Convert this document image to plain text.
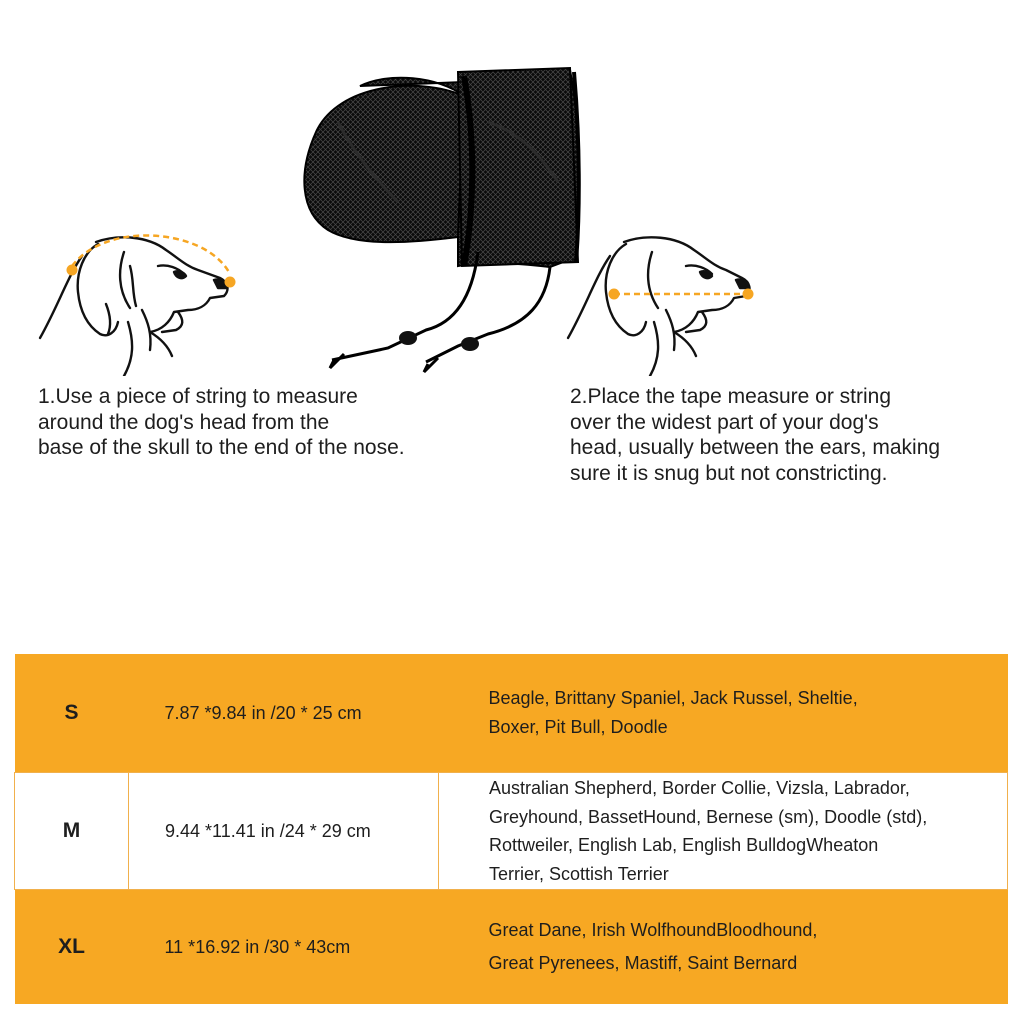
1.Use a piece of string to measure
around the dog's head from the
base of the skull to the end of the nose.

2.Place the tape measure or string
over the widest part of your dog's
head, usually between the ears, making
sure it is snug but not constricting.

S	7.87 *9.84 in /20 * 25 cm	Beagle, Brittany Spaniel, Jack Russel, Sheltie,
Boxer, Pit Bull, Doodle
M	9.44 *11.41 in /24 * 29 cm	Australian Shepherd, Border Collie, Vizsla, Labrador,
Greyhound, BassetHound, Bernese (sm), Doodle (std),
Rottweiler, English Lab, English BulldogWheaton
Terrier, Scottish Terrier
XL	11 *16.92 in /30 * 43cm	Great Dane, Irish WolfhoundBloodhound,
Great Pyrenees, Mastiff, Saint Bernard
